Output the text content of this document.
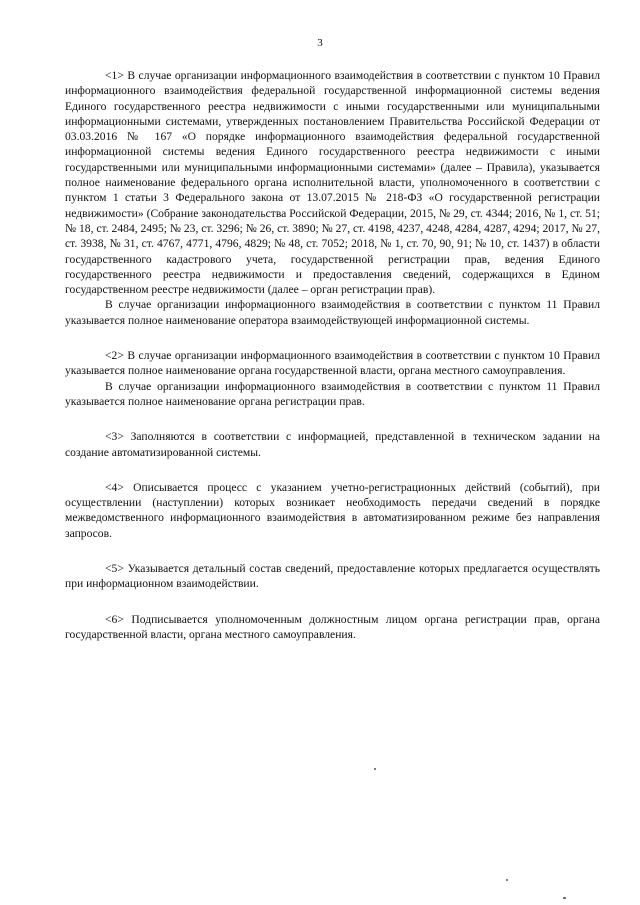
3

<1> В случае организации информационного взаимодействия в соответствии с пунктом 10 Правил информационного взаимодействия федеральной государственной информационной системы ведения Единого государственного реестра недвижимости с иными государственными или муниципальными информационными системами, утвержденных постановлением Правительства Российской Федерации от 03.03.2016 № 167 «О порядке информационного взаимодействия федеральной государственной информационной системы ведения Единого государственного реестра недвижимости с иными государственными или муниципальными информационными системами» (далее – Правила), указывается полное наименование федерального органа исполнительной власти, уполномоченного в соответствии с пунктом 1 статьи 3 Федерального закона от 13.07.2015 № 218-ФЗ «О государственной регистрации недвижимости» (Собрание законодательства Российской Федерации, 2015, № 29, ст. 4344; 2016, № 1, ст. 51; № 18, ст. 2484, 2495; № 23, ст. 3296; № 26, ст. 3890; № 27, ст. 4198, 4237, 4248, 4284, 4287, 4294; 2017, № 27, ст. 3938, № 31, ст. 4767, 4771, 4796, 4829; № 48, ст. 7052; 2018, № 1, ст. 70, 90, 91; № 10, ст. 1437) в области государственного кадастрового учета, государственной регистрации прав, ведения Единого государственного реестра недвижимости и предоставления сведений, содержащихся в Едином государственном реестре недвижимости (далее – орган регистрации прав).

В случае организации информационного взаимодействия в соответствии с пунктом 11 Правил указывается полное наименование оператора взаимодействующей информационной системы.

<2> В случае организации информационного взаимодействия в соответствии с пунктом 10 Правил указывается полное наименование органа государственной власти, органа местного самоуправления.

В случае организации информационного взаимодействия в соответствии с пунктом 11 Правил указывается полное наименование органа регистрации прав.

<3> Заполняются в соответствии с информацией, представленной в техническом задании на создание автоматизированной системы.

<4> Описывается процесс с указанием учетно-регистрационных действий (событий), при осуществлении (наступлении) которых возникает необходимость передачи сведений в порядке межведомственного информационного взаимодействия в автоматизированном режиме без направления запросов.

<5> Указывается детальный состав сведений, предоставление которых предлагается осуществлять при информационном взаимодействии.

<6> Подписывается уполномоченным должностным лицом органа регистрации прав, органа государственной власти, органа местного самоуправления.
